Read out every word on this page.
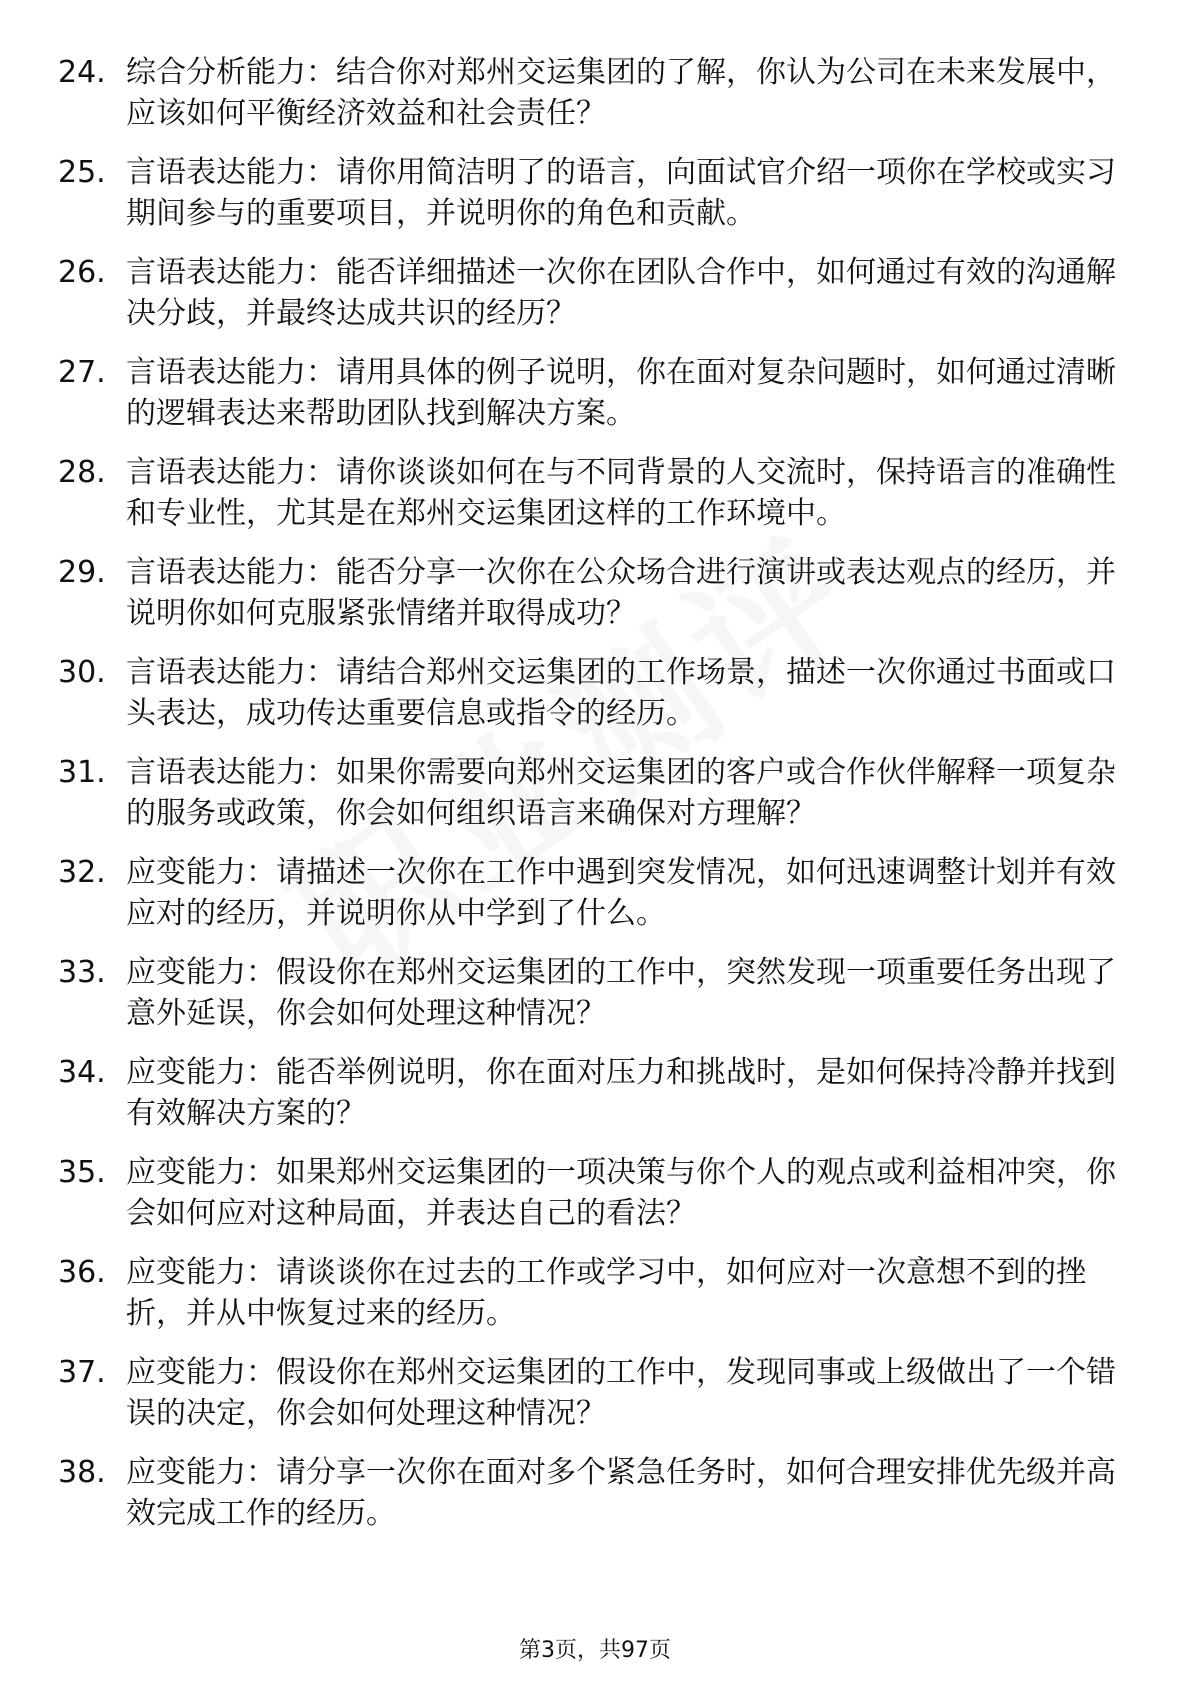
24. 综合分析能力：结合你对郑州交运集团的了解，你认为公司在未来发展中，应该如何平衡经济效益和社会责任？
25. 言语表达能力：请你用简洁明了的语言，向面试官介绍一项你在学校或实习期间参与的重要项目，并说明你的角色和贡献。
26. 言语表达能力：能否详细描述一次你在团队合作中，如何通过有效的沟通解决分歧，并最终达成共识的经历？
27. 言语表达能力：请用具体的例子说明，你在面对复杂问题时，如何通过清晰的逻辑表达来帮助团队找到解决方案。
28. 言语表达能力：请你谈谈如何在与不同背景的人交流时，保持语言的准确性和专业性，尤其是在郑州交运集团这样的工作环境中。
29. 言语表达能力：能否分享一次你在公众场合进行演讲或表达观点的经历，并说明你如何克服紧张情绪并取得成功？
30. 言语表达能力：请结合郑州交运集团的工作场景，描述一次你通过书面或口头表达，成功传达重要信息或指令的经历。
31. 言语表达能力：如果你需要向郑州交运集团的客户或合作伙伴解释一项复杂的服务或政策，你会如何组织语言来确保对方理解？
32. 应变能力：请描述一次你在工作中遇到突发情况，如何迅速调整计划并有效应对的经历，并说明你从中学到了什么。
33. 应变能力：假设你在郑州交运集团的工作中，突然发现一项重要任务出现了意外延误，你会如何处理这种情况？
34. 应变能力：能否举例说明，你在面对压力和挑战时，是如何保持冷静并找到有效解决方案的？
35. 应变能力：如果郑州交运集团的一项决策与你个人的观点或利益相冲突，你会如何应对这种局面，并表达自己的看法？
36. 应变能力：请谈谈你在过去的工作或学习中，如何应对一次意想不到的挫折，并从中恢复过来的经历。
37. 应变能力：假设你在郑州交运集团的工作中，发现同事或上级做出了一个错误的决定，你会如何处理这种情况？
38. 应变能力：请分享一次你在面对多个紧急任务时，如何合理安排优先级并高效完成工作的经历。
第3页，共97页
